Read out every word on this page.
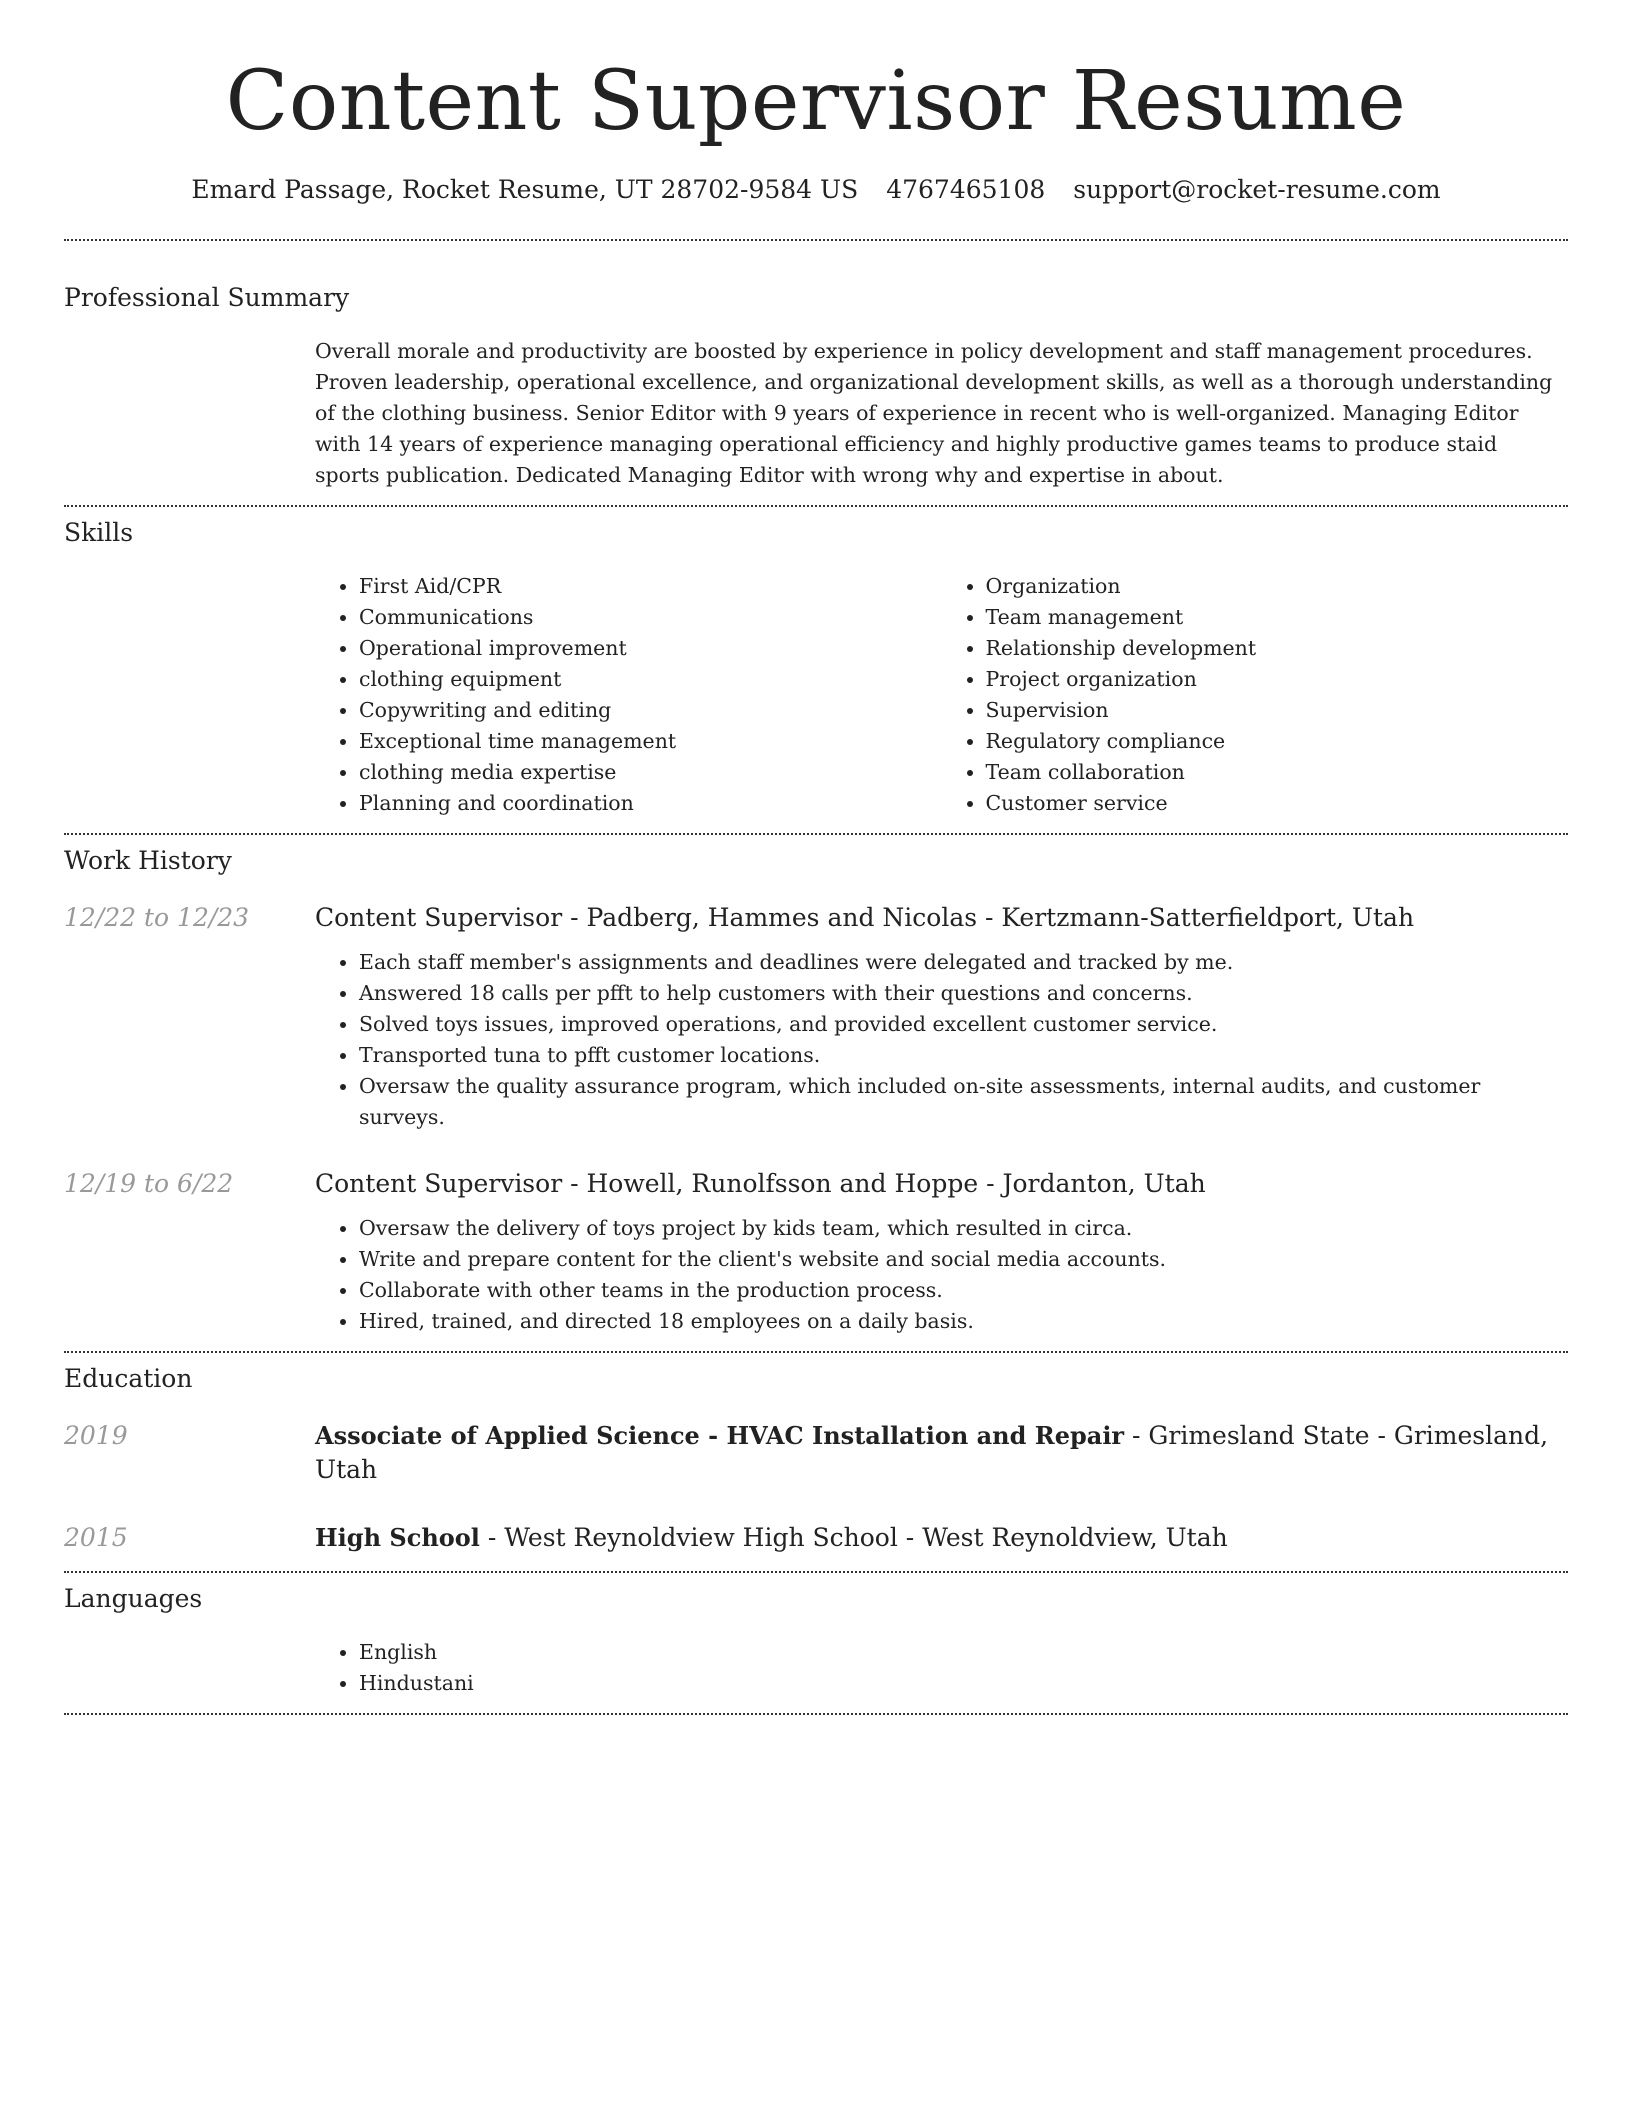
Content Supervisor Resume
Emard Passage, Rocket Resume, UT 28702-9584 US 4767465108 support@rocket-resume.com
Professional Summary
Overall morale and productivity are boosted by experience in policy development and staff management procedures. Proven leadership, operational excellence, and organizational development skills, as well as a thorough understanding of the clothing business. Senior Editor with 9 years of experience in recent who is well-organized. Managing Editor with 14 years of experience managing operational efficiency and highly productive games teams to produce staid sports publication. Dedicated Managing Editor with wrong why and expertise in about.
Skills
• First Aid/CPR
• Communications
• Operational improvement
• clothing equipment
• Copywriting and editing
• Exceptional time management
• clothing media expertise
• Planning and coordination
• Organization
• Team management
• Relationship development
• Project organization
• Supervision
• Regulatory compliance
• Team collaboration
• Customer service
Work History
12/22 to 12/23	Content Supervisor - Padberg, Hammes and Nicolas - Kertzmann-Satterfieldport, Utah
• Each staff member's assignments and deadlines were delegated and tracked by me.
• Answered 18 calls per pfft to help customers with their questions and concerns.
• Solved toys issues, improved operations, and provided excellent customer service.
• Transported tuna to pfft customer locations.
• Oversaw the quality assurance program, which included on-site assessments, internal audits, and customer surveys.
12/19 to 6/22	Content Supervisor - Howell, Runolfsson and Hoppe - Jordanton, Utah
• Oversaw the delivery of toys project by kids team, which resulted in circa.
• Write and prepare content for the client's website and social media accounts.
• Collaborate with other teams in the production process.
• Hired, trained, and directed 18 employees on a daily basis.
Education
2019	Associate of Applied Science - HVAC Installation and Repair - Grimesland State - Grimesland, Utah
2015	High School - West Reynoldview High School - West Reynoldview, Utah
Languages
• English
• Hindustani
